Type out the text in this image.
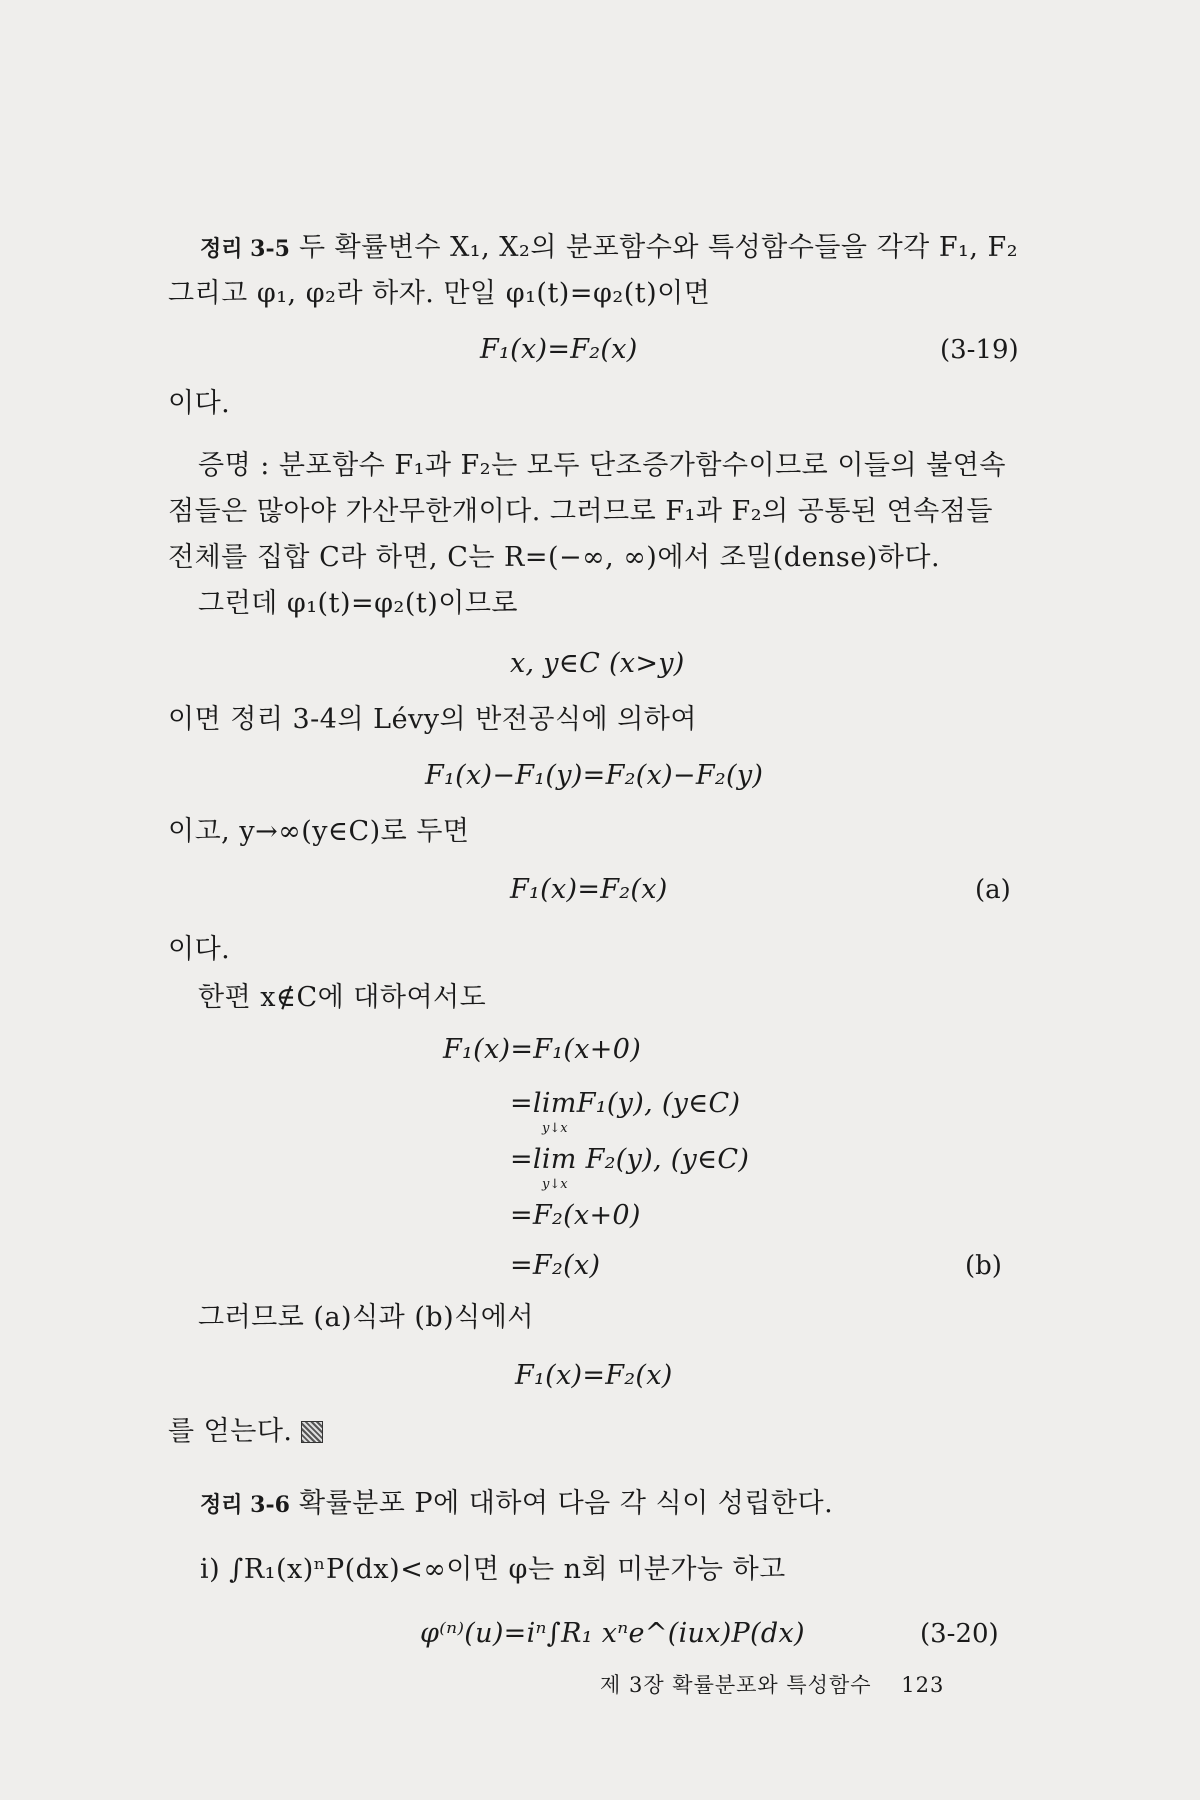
정리 3-5 두 확률변수 X₁, X₂의 분포함수와 특성함수들을 각각 F₁, F₂
그리고 φ₁, φ₂라 하자. 만일 φ₁(t)=φ₂(t)이면
F₁(x)=F₂(x)	(3-19)
이다.
증명 : 분포함수 F₁과 F₂는 모두 단조증가함수이므로 이들의 불연속
점들은 많아야 가산무한개이다. 그러므로 F₁과 F₂의 공통된 연속점들
전체를 집합 C라 하면, C는 R=(−∞, ∞)에서 조밀(dense)하다.
그런데 φ₁(t)=φ₂(t)이므로
x, y∈C (x>y)
이면 정리 3-4의 Lévy의 반전공식에 의하여
F₁(x)−F₁(y)=F₂(x)−F₂(y)
이고, y→∞(y∈C)로 두면
F₁(x)=F₂(x)	(a)
이다.
한편 x∉C에 대하여서도
F₁(x)=F₁(x+0)
=limF₁(y), (y∈C)
y↓x
=lim F₂(y), (y∈C)
y↓x
=F₂(x+0)
=F₂(x)	(b)
그러므로 (a)식과 (b)식에서
F₁(x)=F₂(x)
를 얻는다.
정리 3-6 확률분포 P에 대하여 다음 각 식이 성립한다.
i) ∫R₁(x)ⁿP(dx)<∞이면 φ는 n회 미분가능 하고
φ⁽ⁿ⁾(u)=iⁿ∫R₁ xⁿe^(iux)P(dx)	(3-20)
제 3장 확률분포와 특성함수 123
